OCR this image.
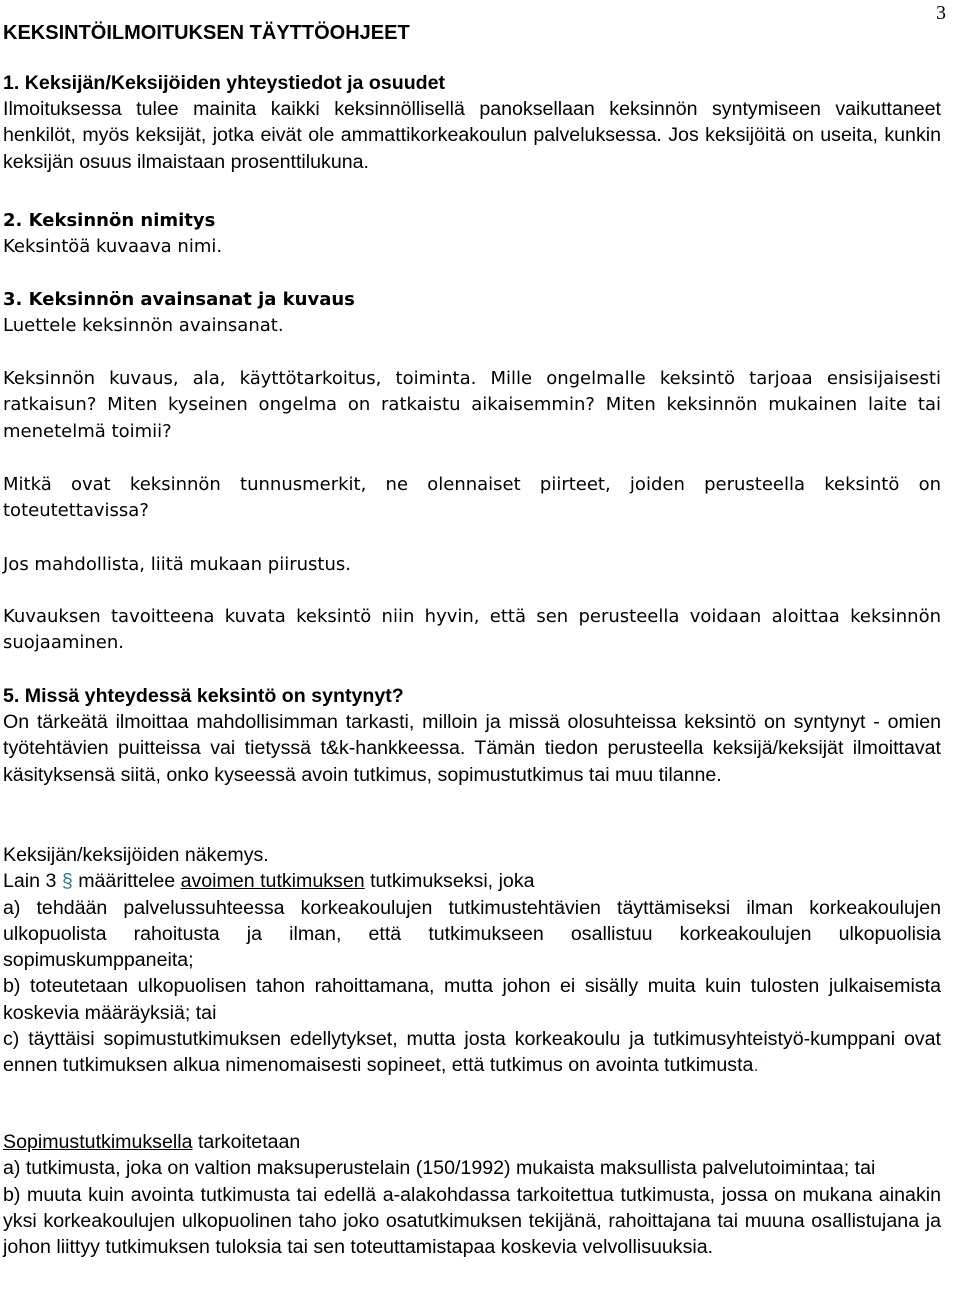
3
KEKSINTÖILMOITUKSEN TÄYTTÖOHJEET

1. Keksijän/Keksijöiden yhteystiedot ja osuudet

Ilmoituksessa tulee mainita kaikki keksinnöllisellä panoksellaan keksinnön syntymiseen vaikuttaneet henkilöt, myös keksijät, jotka eivät ole ammattikorkeakoulun palveluksessa. Jos keksijöitä on useita, kunkin keksijän osuus ilmaistaan prosenttilukuna.

2. Keksinnön nimitys

Keksintöä kuvaava nimi.

3. Keksinnön avainsanat ja kuvaus

Luettele keksinnön avainsanat.

Keksinnön kuvaus, ala, käyttötarkoitus, toiminta. Mille ongelmalle keksintö tarjoaa ensisijaisesti ratkaisun? Miten kyseinen ongelma on ratkaistu aikaisemmin? Miten keksinnön mukainen laite tai menetelmä toimii?

Mitkä ovat keksinnön tunnusmerkit, ne olennaiset piirteet, joiden perusteella keksintö on toteutettavissa?

Jos mahdollista, liitä mukaan piirustus.

Kuvauksen tavoitteena kuvata keksintö niin hyvin, että sen perusteella voidaan aloittaa keksinnön suojaaminen.

5. Missä yhteydessä keksintö on syntynyt?

On tärkeätä ilmoittaa mahdollisimman tarkasti, milloin ja missä olosuhteissa keksintö on syntynyt - omien työtehtävien puitteissa vai tietyssä t&k-hankkeessa. Tämän tiedon perusteella keksijä/keksijät ilmoittavat käsityksensä siitä, onko kyseessä avoin tutkimus, sopimustutkimus tai muu tilanne.

Keksijän/keksijöiden näkemys.

Lain 3 § määrittelee avoimen tutkimuksen tutkimukseksi, joka

a) tehdään palvelussuhteessa korkeakoulujen tutkimustehtävien täyttämiseksi ilman korkeakoulujen ulkopuolista rahoitusta ja ilman, että tutkimukseen osallistuu korkeakoulujen ulkopuolisia sopimuskumppaneita;

b) toteutetaan ulkopuolisen tahon rahoittamana, mutta johon ei sisälly muita kuin tulosten julkaisemista koskevia määräyksiä; tai

c) täyttäisi sopimustutkimuksen edellytykset, mutta josta korkeakoulu ja tutkimusyhteistyö-kumppani ovat ennen tutkimuksen alkua nimenomaisesti sopineet, että tutkimus on avointa tutkimusta.

Sopimustutkimuksella tarkoitetaan

a) tutkimusta, joka on valtion maksuperustelain (150/1992) mukaista maksullista palvelutoimintaa; tai

b) muuta kuin avointa tutkimusta tai edellä a-alakohdassa tarkoitettua tutkimusta, jossa on mukana ainakin yksi korkeakoulujen ulkopuolinen taho joko osatutkimuksen tekijänä, rahoittajana tai muuna osallistujana ja johon liittyy tutkimuksen tuloksia tai sen toteuttamistapaa koskevia velvollisuuksia.
